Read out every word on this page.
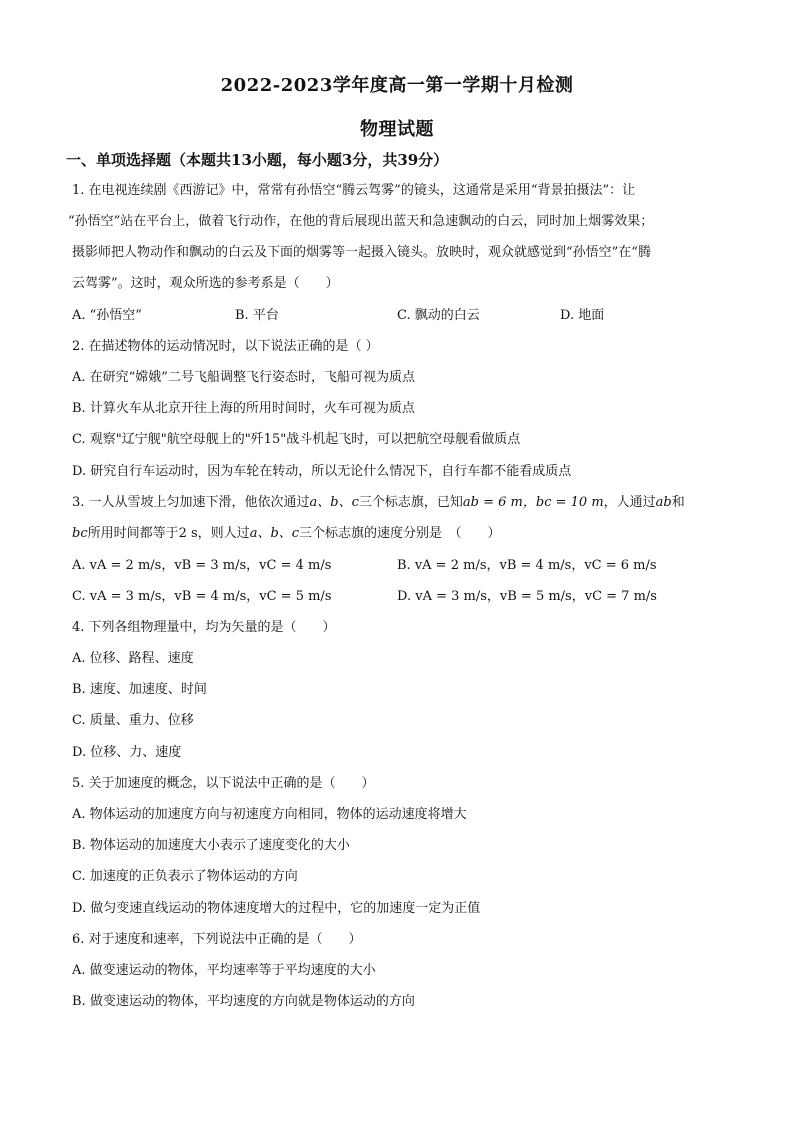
2022-2023学年度高一第一学期十月检测
物理试题
一、单项选择题（本题共13小题，每小题3分，共39分）
1. 在电视连续剧《西游记》中，常常有孙悟空“腾云驾雾”的镜头，这通常是采用“背景拍摄法”：让
“孙悟空”站在平台上，做着飞行动作，在他的背后展现出蓝天和急速飘动的白云，同时加上烟雾效果；
摄影师把人物动作和飘动的白云及下面的烟雾等一起摄入镜头。放映时，观众就感觉到“孙悟空”在“腾
云驾雾”。这时，观众所选的参考系是（　　）
A. “孙悟空”	B. 平台	C. 飘动的白云	D. 地面
2. 在描述物体的运动情况时，以下说法正确的是（ ）
A. 在研究“嫦娥”二号飞船调整飞行姿态时，飞船可视为质点
B. 计算火车从北京开往上海的所用时间时，火车可视为质点
C. 观察"辽宁舰"航空母舰上的"歼15"战斗机起飞时，可以把航空母舰看做质点
D. 研究自行车运动时，因为车轮在转动，所以无论什么情况下，自行车都不能看成质点
3. 一人从雪坡上匀加速下滑，他依次通过a、b、c三个标志旗，已知ab = 6 m，bc = 10 m，人通过ab和
bc所用时间都等于2 s，则人过a、b、c三个标志旗的速度分别是　（　　）
A. vA = 2 m/s，vB = 3 m/s，vC = 4 m/s	B. vA = 2 m/s，vB = 4 m/s，vC = 6 m/s
C. vA = 3 m/s，vB = 4 m/s，vC = 5 m/s	D. vA = 3 m/s，vB = 5 m/s，vC = 7 m/s
4. 下列各组物理量中，均为矢量的是（　　）
A. 位移、路程、速度
B. 速度、加速度、时间
C. 质量、重力、位移
D. 位移、力、速度
5. 关于加速度的概念，以下说法中正确的是（　　）
A. 物体运动的加速度方向与初速度方向相同，物体的运动速度将增大
B. 物体运动的加速度大小表示了速度变化的大小
C. 加速度的正负表示了物体运动的方向
D. 做匀变速直线运动的物体速度增大的过程中，它的加速度一定为正值
6. 对于速度和速率，下列说法中正确的是（　　）
A. 做变速运动的物体，平均速率等于平均速度的大小
B. 做变速运动的物体，平均速度的方向就是物体运动的方向
